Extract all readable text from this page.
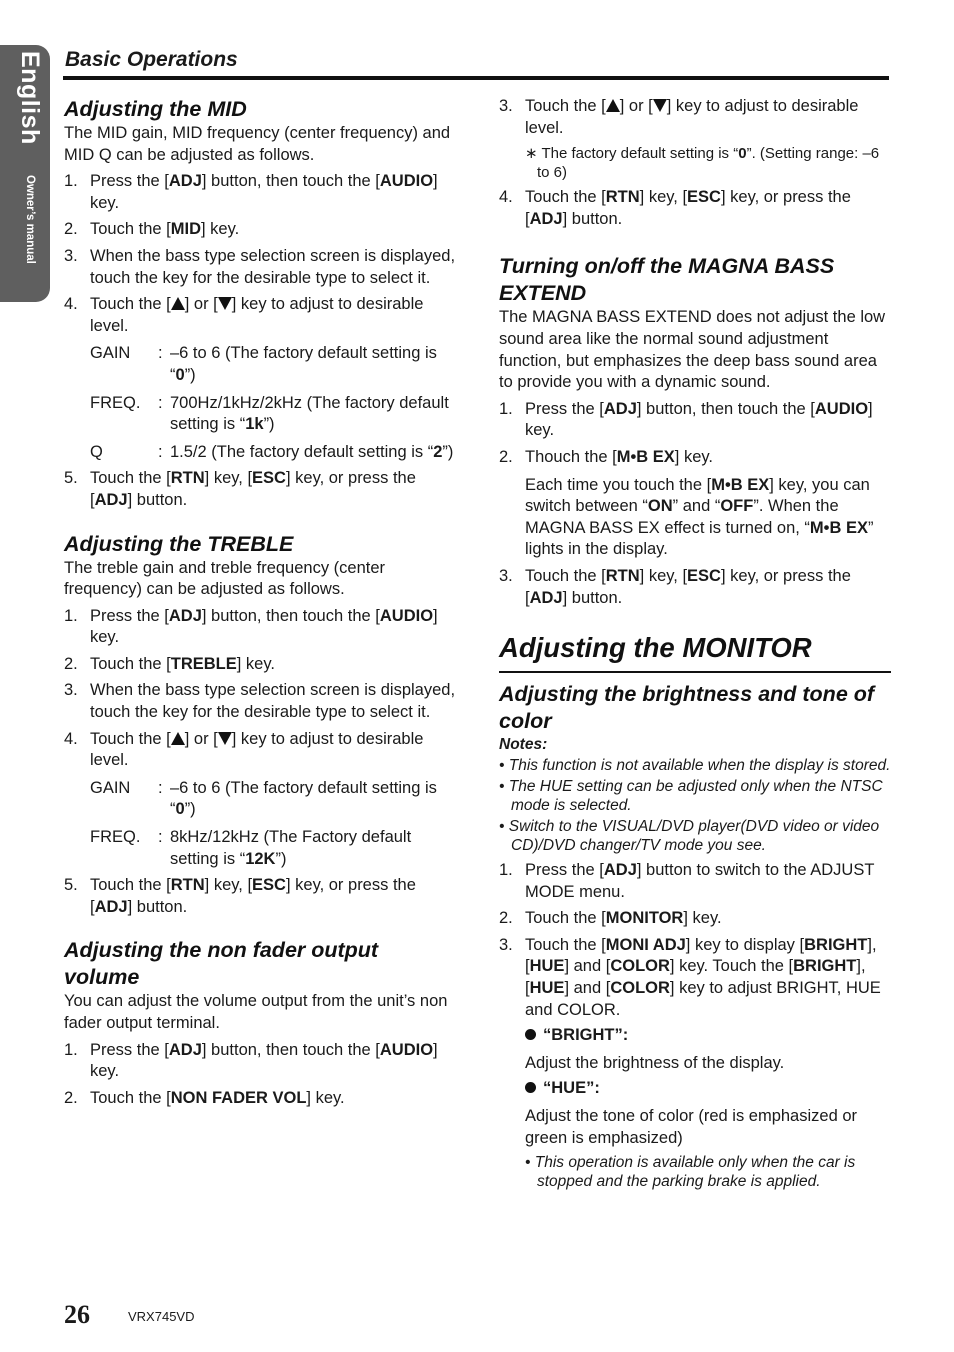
English
Owner’s manual
Basic Operations
Adjusting the MID

The MID gain, MID frequency (center frequency) and MID Q can be adjusted as follows.

1. Press the [ADJ] button, then touch the [AUDIO] key.
2. Touch the [MID] key.
3. When the bass type selection screen is displayed, touch the key for the desirable type to select it.
4. Touch the [ ] or [ ] key to adjust to desirable level.
GAIN	: –6 to 6 (The factory default setting is “0”)
FREQ.	: 700Hz/1kHz/2kHz (The factory default setting is “1k”)
Q	: 1.5/2 (The factory default setting is “2”)
5. Touch the [RTN] key, [ESC] key, or press the [ADJ] button.
Adjusting the TREBLE

The treble gain and treble frequency (center frequency) can be adjusted as follows.

1. Press the [ADJ] button, then touch the [AUDIO] key.
2. Touch the [TREBLE] key.
3. When the bass type selection screen is displayed, touch the key for the desirable type to select it.
4. Touch the [ ] or [ ] key to adjust to desirable level.
GAIN	: –6 to 6 (The factory default setting is “0”)
FREQ.	: 8kHz/12kHz (The Factory default setting is “12K”)
5. Touch the [RTN] key, [ESC] key, or press the [ADJ] button.
Adjusting the non fader output volume

You can adjust the volume output from the unit’s non fader output terminal.

1. Press the [ADJ] button, then touch the [AUDIO] key.
2. Touch the [NON FADER VOL] key.
3. Touch the [ ] or [ ] key to adjust to desirable level.
∗ The factory default setting is “0”. (Setting range: –6 to 6)
4. Touch the [RTN] key, [ESC] key, or press the [ADJ] button.
Turning on/off the MAGNA BASS EXTEND

The MAGNA BASS EXTEND does not adjust the low sound area like the normal sound adjustment function, but emphasizes the deep bass sound area to provide you with a dynamic sound.

1. Press the [ADJ] button, then touch the [AUDIO] key.
2. Thouch the [M•B EX] key.

Each time you touch the [M•B EX] key, you can switch between “ON” and “OFF”. When the MAGNA BASS EX effect is turned on, “M•B EX” lights in the display.

3. Touch the [RTN] key, [ESC] key, or press the [ADJ] button.
Adjusting the MONITOR
Adjusting the brightness and tone of color
Notes:
• This function is not available when the display is stored.
• The HUE setting can be adjusted only when the NTSC mode is selected.
• Switch to the VISUAL/DVD player(DVD video or video CD)/DVD changer/TV mode you see.
1. Press the [ADJ] button to switch to the ADJUST MODE menu.
2. Touch the [MONITOR] key.
3. Touch the [MONI ADJ] key to display [BRIGHT], [HUE] and [COLOR] key. Touch the [BRIGHT], [HUE] and [COLOR] key to adjust BRIGHT, HUE and COLOR.
“BRIGHT”:

Adjust the brightness of the display.

“HUE”:

Adjust the tone of color (red is emphasized or green is emphasized)

• This operation is available only when the car is stopped and the parking brake is applied.
26	VRX745VD
